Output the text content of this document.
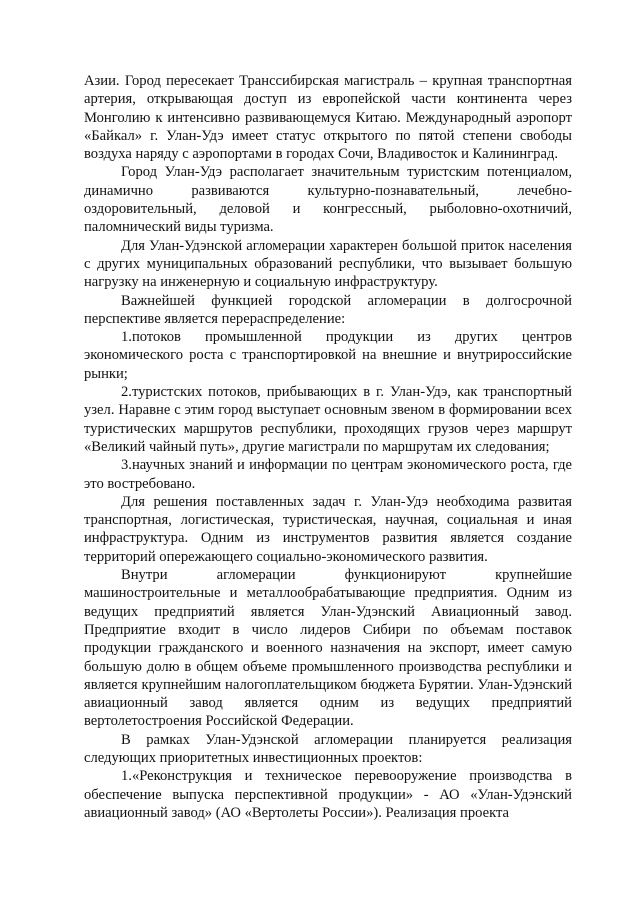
Азии. Город пересекает Транссибирская магистраль – крупная транспортная артерия, открывающая доступ из европейской части континента через Монголию к интенсивно развивающемуся Китаю. Международный аэропорт «Байкал» г. Улан-Удэ имеет статус открытого по пятой степени свободы воздуха наряду с аэропортами в городах Сочи, Владивосток и Калининград.

Город Улан-Удэ располагает значительным туристским потенциалом, динамично развиваются культурно-познавательный, лечебно-оздоровительный, деловой и конгрессный, рыболовно-охотничий, паломнический виды туризма.

Для Улан-Удэнской агломерации характерен большой приток населения с других муниципальных образований республики, что вызывает большую нагрузку на инженерную и социальную инфраструктуру.

Важнейшей функцией городской агломерации в долгосрочной перспективе является перераспределение:

1.потоков промышленной продукции из других центров экономического роста с транспортировкой на внешние и внутрироссийские рынки;

2.туристских потоков, прибывающих в г. Улан-Удэ, как транспортный узел. Наравне с этим город выступает основным звеном в формировании всех туристических маршрутов республики, проходящих грузов через маршрут «Великий чайный путь», другие магистрали по маршрутам их следования;

3.научных знаний и информации по центрам экономического роста, где это востребовано.

Для решения поставленных задач г. Улан-Удэ необходима развитая транспортная, логистическая, туристическая, научная, социальная и иная инфраструктура. Одним из инструментов развития является создание территорий опережающего социально-экономического развития.

Внутри агломерации функционируют крупнейшие машиностроительные и металлообрабатывающие предприятия. Одним из ведущих предприятий является Улан-Удэнский Авиационный завод. Предприятие входит в число лидеров Сибири по объемам поставок продукции гражданского и военного назначения на экспорт, имеет самую большую долю в общем объеме промышленного производства республики и является крупнейшим налогоплательщиком бюджета Бурятии. Улан-Удэнский авиационный завод является одним из ведущих предприятий вертолетостроения Российской Федерации.

В рамках Улан-Удэнской агломерации планируется реализация следующих приоритетных инвестиционных проектов:

1.«Реконструкция и техническое перевооружение производства в обеспечение выпуска перспективной продукции» - АО «Улан-Удэнский авиационный завод» (АО «Вертолеты России»). Реализация проекта
